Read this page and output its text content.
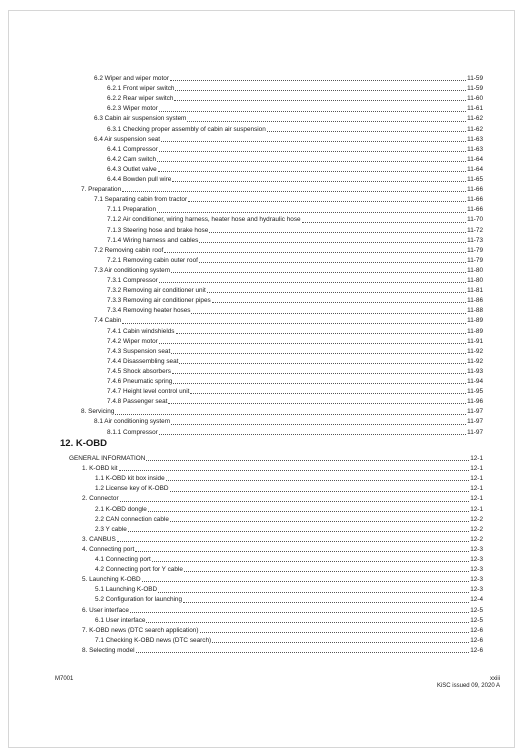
6.2 Wiper and wiper motor	11-59
6.2.1 Front wiper switch	11-59
6.2.2 Rear wiper switch	11-60
6.2.3 Wiper motor	11-61
6.3 Cabin air suspension system	11-62
6.3.1 Checking proper assembly of cabin air suspension	11-62
6.4 Air suspension seat	11-63
6.4.1 Compressor	11-63
6.4.2 Cam switch	11-64
6.4.3 Outlet valve	11-64
6.4.4 Bowden pull wire	11-65
7. Preparation	11-66
7.1 Separating cabin from tractor	11-66
7.1.1 Preparation	11-66
7.1.2 Air conditioner, wiring harness, heater hose and hydraulic hose	11-70
7.1.3 Steering hose and brake hose	11-72
7.1.4 Wiring harness and cables	11-73
7.2 Removing cabin roof	11-79
7.2.1 Removing cabin outer roof	11-79
7.3 Air conditioning system	11-80
7.3.1 Compressor	11-80
7.3.2 Removing air conditioner unit	11-81
7.3.3 Removing air conditioner pipes	11-86
7.3.4 Removing heater hoses	11-88
7.4 Cabin	11-89
7.4.1 Cabin windshields	11-89
7.4.2 Wiper motor	11-91
7.4.3 Suspension seat	11-92
7.4.4 Disassembling seat	11-92
7.4.5 Shock absorbers	11-93
7.4.6 Pneumatic spring	11-94
7.4.7 Height level control unit	11-95
7.4.8 Passenger seat	11-96
8. Servicing	11-97
8.1 Air conditioning system	11-97
8.1.1 Compressor	11-97
12. K-OBD
GENERAL INFORMATION	12-1
1. K-OBD kit	12-1
1.1 K-OBD kit box inside	12-1
1.2 License key of K-OBD	12-1
2. Connector	12-1
2.1 K-OBD dongle	12-1
2.2 CAN connection cable	12-2
2.3 Y cable	12-2
3. CANBUS	12-2
4. Connecting port	12-3
4.1 Connecting port	12-3
4.2 Connecting port for Y cable	12-3
5. Launching K-OBD	12-3
5.1 Launching K-OBD	12-3
5.2 Configuration for launching	12-4
6. User interface	12-5
6.1 User interface	12-5
7. K-OBD news (DTC search application)	12-6
7.1 Checking K-OBD news (DTC search)	12-6
8. Selecting model	12-6
M7001	xxiii
KiSC issued 09, 2020 A
